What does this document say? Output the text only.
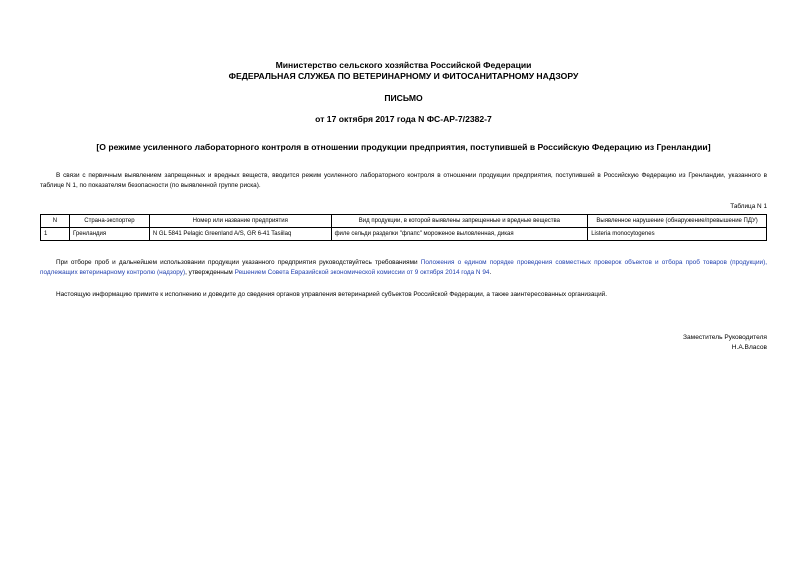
Министерство сельского хозяйства Российской Федерации
ФЕДЕРАЛЬНАЯ СЛУЖБА ПО ВЕТЕРИНАРНОМУ И ФИТОСАНИТАРНОМУ НАДЗОРУ
ПИСЬМО
от 17 октября 2017 года N ФС-АР-7/2382-7
[О режиме усиленного лабораторного контроля в отношении продукции предприятия, поступившей в Российскую Федерацию из Гренландии]
В связи с первичным выявлением запрещенных и вредных веществ, вводится режим усиленного лабораторного контроля в отношении продукции предприятия, поступившей в Российскую Федерацию из Гренландии, указанного в таблице N 1, по показателям безопасности (по выявленной группе риска).
Таблица N 1
N	Страна-экспортер	Номер или название предприятия	Вид продукции, в которой выявлены запрещенные и вредные вещества	Выявленное нарушение (обнаружение/превышение ПДУ)
1	Гренландия	N GL 5841 Pelagic Greenland A/S, GR 6-41 Tasiilaq	филе сельди разделки "флапс" мороженое выловленная, дикая	Listeria monocytogenes
При отборе проб и дальнейшем использовании продукции указанного предприятия руководствуйтесь требованиями Положения о едином порядке проведения совместных проверок объектов и отбора проб товаров (продукции), подлежащих ветеринарному контролю (надзору), утвержденным Решением Совета Евразийской экономической комиссии от 9 октября 2014 года N 94.
Настоящую информацию примите к исполнению и доведите до сведения органов управления ветеринарией субъектов Российской Федерации, а также заинтересованных организаций.
Заместитель Руководителя
Н.А.Власов
